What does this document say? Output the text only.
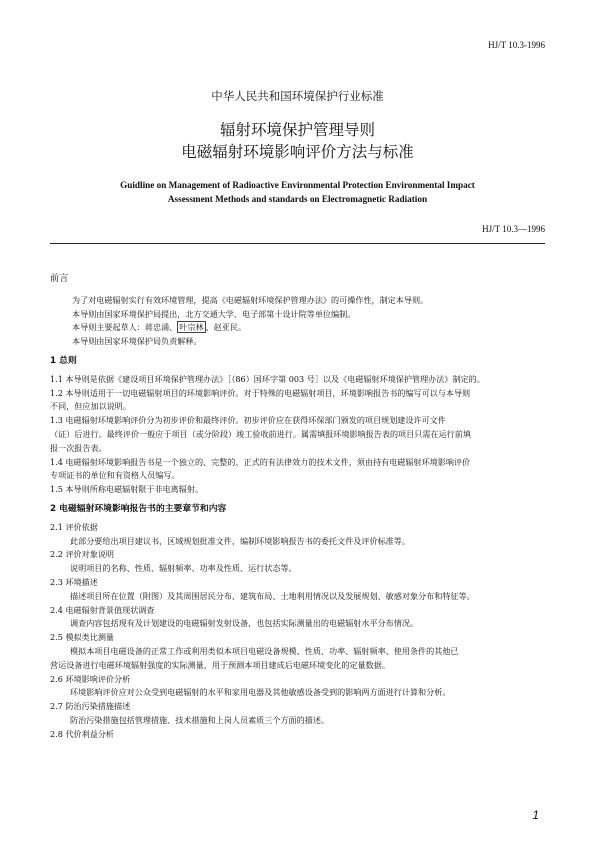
HJ/T 10.3-1996
中华人民共和国环境保护行业标准
辐射环境保护管理导则
电磁辐射环境影响评价方法与标准
Guidline on Management of Radioactive Environmental Protection Environmental Impact
Assessment Methods and standards on Electromagnetic Radiation
HJ/T 10.3—1996

前言

为了对电磁辐射实行有效环境管理，提高《电磁辐射环境保护管理办法》的可操作性，制定本导则。

本导则由国家环境保护局提出，北方交通大学、电子部第十设计院等单位编制。

本导则主要起草人：蒋忠涌、 叶宗林 、赵亚民。

本导则由国家环境保护局负责解释。

1 总则

1.1 本导则是依据《建设项目环境保护管理办法》［（86）国环字第 003 号］以及《电磁辐射环境保护管理办法》制定的。

1.2 本导则适用于一切电磁辐射项目的环境影响评价。对于特殊的电磁辐射项目，环境影响报告书的编写可以与本导则

不同，但应加以说明。

1.3 电磁辐射环境影响评价分为初步评价和最终评价。初步评价应在获得环保部门颁发的项目规划建设许可文件

（证）后进行。最终评价一般应于项目（或分阶段）竣工验收前进行。属需填报环境影响报告表的项目只需在运行前填

报一次报告表。

1.4 电磁辐射环境影响报告书是一个独立的、完整的、正式的有法律效力的技术文件，须由持有电磁辐射环境影响评价

专项证书的单位和有资格人员编写。

1.5 本导则所称电磁辐射限于非电离辐射。

2 电磁辐射环境影响报告书的主要章节和内容

2.1 评价依据

此部分要给出项目建议书，区域规划批准文件，编制环境影响报告书的委托文件及评价标准等。

2.2 评价对象说明

说明项目的名称、性质、辐射频率、功率及性质、运行状态等。

2.3 环境描述

描述项目所在位置（附图）及其周围居民分布、建筑布局、土地利用情况以及发展规划、敏感对象分布和特征等。

2.4 电磁辐射背景值现状调查

调查内容包括现有及计划建设的电磁辐射发射设备，也包括实际测量出的电磁辐射水平分布情况。

2.5 模拟类比测量

模拟本项目电磁设备的正常工作或利用类似本项目电磁设备规模、性质、功率、辐射频率、使用条件的其他已

营运设备进行电磁环境辐射强度的实际测量，用于预测本项目建成后电磁环境变化的定量数据。

2.6 环境影响评价分析

环境影响评价应对公众受到电磁辐射的水平和家用电器及其他敏感设备受到的影响两方面进行计算和分析。

2.7 防治污染措施描述

防治污染措施包括管理措施、技术措施和上岗人员素质三个方面的描述。

2.8 代价利益分析

1
